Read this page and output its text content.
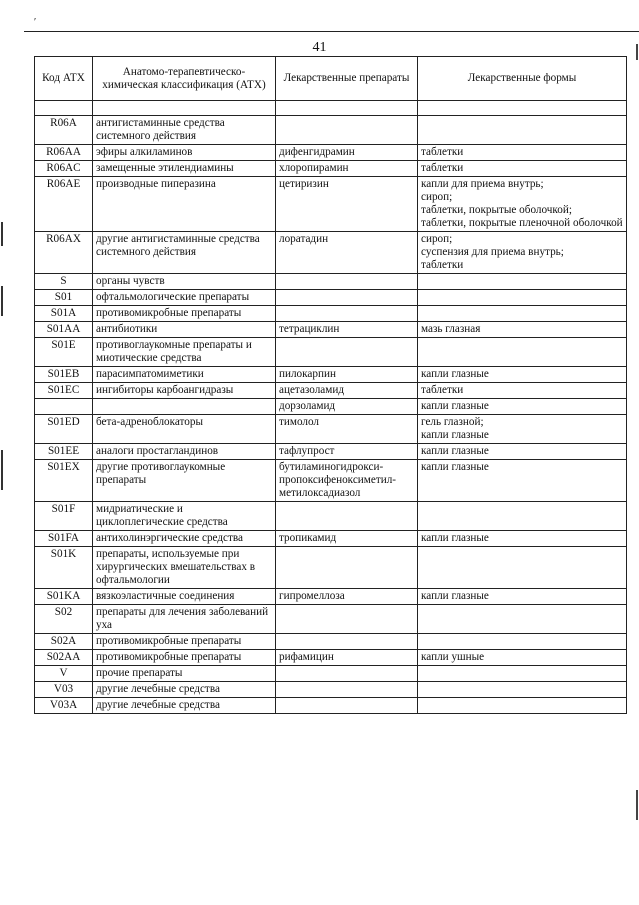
ʹ
41
Код АТХ	Анатомо-терапевтическо-химическая классификация (АТХ)	Лекарственные препараты	Лекарственные формы

R06A	антигистаминные средства системного действия		
R06AA	эфиры алкиламинов	дифенгидрамин	таблетки

R06AC	замещенные этилендиамины	хлоропирамин	таблетки

R06AE	производные пиперазина	цетиризин	капли для приема внутрь;
сироп;
таблетки, покрытые оболочкой;
таблетки, покрытые пленочной оболочкой

R06AX	другие антигистаминные средства системного действия	лоратадин	сироп;
суспензия для приема внутрь;
таблетки

S	органы чувств		
S01	офтальмологические препараты		
S01A	противомикробные препараты		
S01AA	антибиотики	тетрациклин	мазь глазная

S01E	противоглаукомные препараты и миотические средства		
S01EB	парасимпатомиметики	пилокарпин	капли глазные

S01EC	ингибиторы карбоангидразы	ацетазоламид	таблетки

		дорзоламид	капли глазные
S01ED	бета-адреноблокаторы	тимолол	гель глазной;
капли глазные

S01EE	аналоги простагландинов	тафлупрост	капли глазные

S01EX	другие противоглаукомные препараты	бутиламиногидрокси-пропоксифеноксиметил-метилоксадиазол	капли глазные

S01F	мидриатические и циклоплегические средства		
S01FA	антихолинэргические средства	тропикамид	капли глазные

S01K	препараты, используемые при хирургических вмешательствах в офтальмологии		
S01KA	вязкоэластичные соединения	гипромеллоза	капли глазные

S02	препараты для лечения заболеваний уха		
S02A	противомикробные препараты		
S02AA	противомикробные препараты	рифамицин	капли ушные

V	прочие препараты		
V03	другие лечебные средства		
V03A	другие лечебные средства		
